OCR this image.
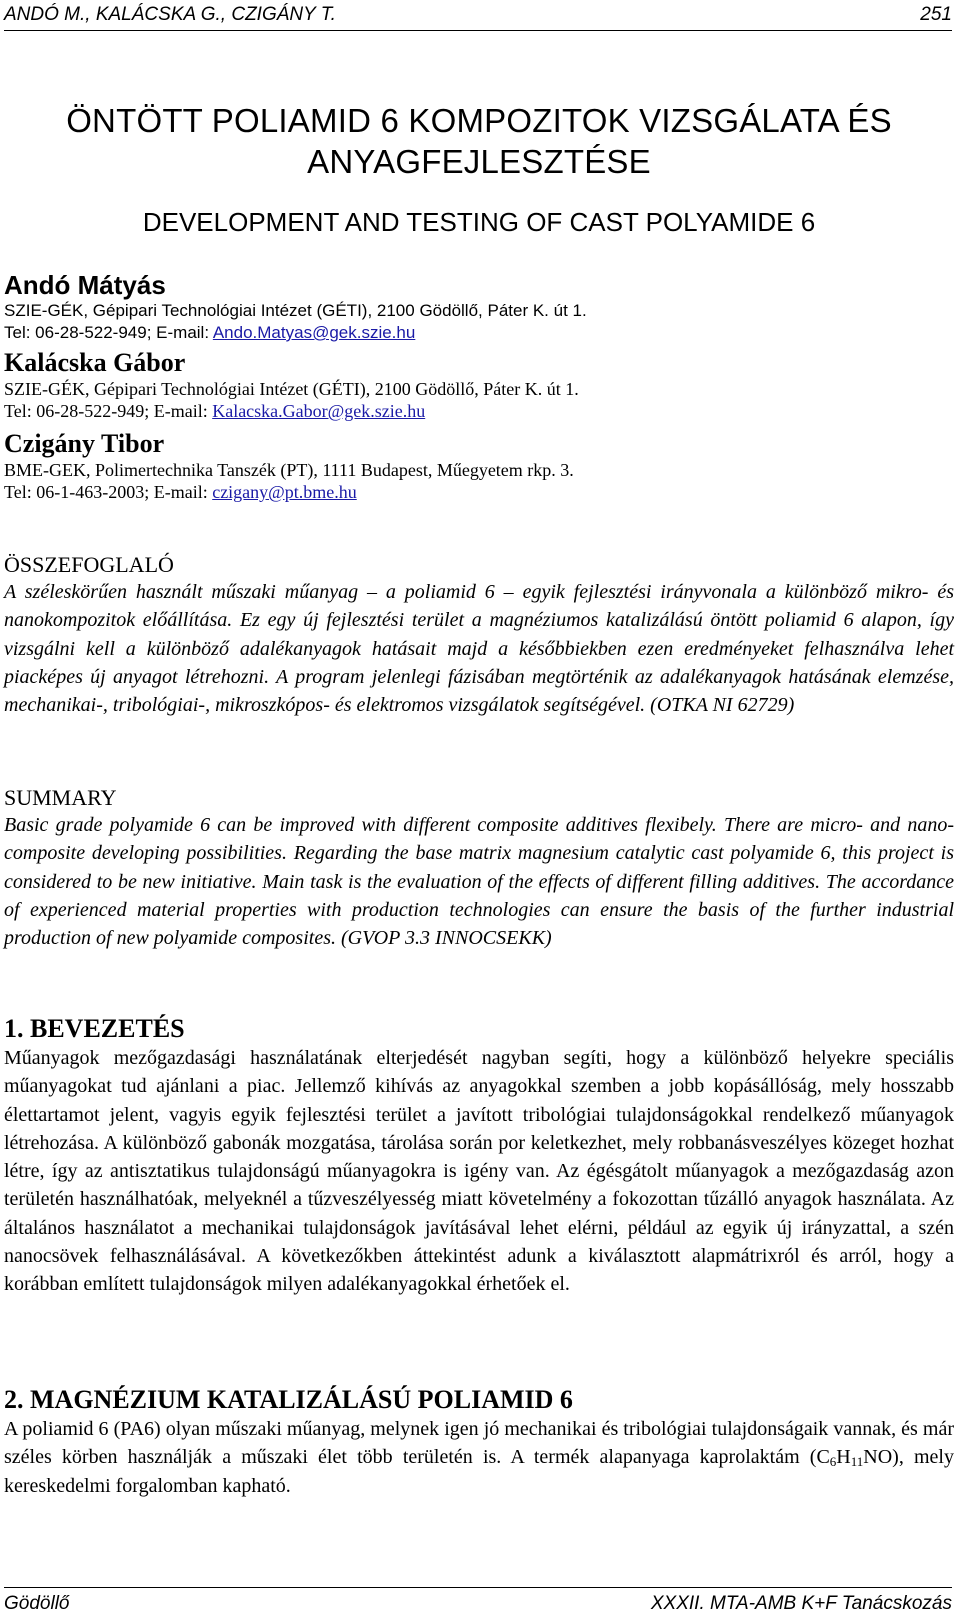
ANDÓ M., KALÁCSKA G., CZIGÁNY T.	251
ÖNTÖTT POLIAMID 6 KOMPOZITOK VIZSGÁLATA ÉS
ANYAGFEJLESZTÉSE
DEVELOPMENT AND TESTING OF CAST POLYAMIDE 6
Andó Mátyás
SZIE-GÉK, Gépipari Technológiai Intézet (GÉTI), 2100 Gödöllő, Páter K. út 1.
Tel: 06-28-522-949; E-mail: Ando.Matyas@gek.szie.hu
Kalácska Gábor
SZIE-GÉK, Gépipari Technológiai Intézet (GÉTI), 2100 Gödöllő, Páter K. út 1.
Tel: 06-28-522-949; E-mail: Kalacska.Gabor@gek.szie.hu
Czigány Tibor
BME-GEK, Polimertechnika Tanszék (PT), 1111 Budapest, Műegyetem rkp. 3.
Tel: 06-1-463-2003; E-mail: czigany@pt.bme.hu
ÖSSZEFOGLALÓ
A széleskörűen használt műszaki műanyag – a poliamid 6 – egyik fejlesztési irányvonala a különböző mikro- és nanokompozitok előállítása. Ez egy új fejlesztési terület a magnéziumos katalizálású öntött poliamid 6 alapon, így vizsgálni kell a különböző adalékanyagok hatásait majd a későbbiekben ezen eredményeket felhasználva lehet piacképes új anyagot létrehozni. A program jelenlegi fázisában megtörténik az adalékanyagok hatásának elemzése, mechanikai-, tribológiai-, mikroszkópos- és elektromos vizsgálatok segítségével. (OTKA NI 62729)
SUMMARY
Basic grade polyamide 6 can be improved with different composite additives flexibely. There are micro- and nano-composite developing possibilities. Regarding the base matrix magnesium catalytic cast polyamide 6, this project is considered to be new initiative. Main task is the evaluation of the effects of different filling additives. The accordance of experienced material properties with production technologies can ensure the basis of the further industrial production of new polyamide composites. (GVOP 3.3 INNOCSEKK)
1. BEVEZETÉS
Műanyagok mezőgazdasági használatának elterjedését nagyban segíti, hogy a különböző helyekre speciális műanyagokat tud ajánlani a piac. Jellemző kihívás az anyagokkal szemben a jobb kopásállóság, mely hosszabb élettartamot jelent, vagyis egyik fejlesztési terület a javított tribológiai tulajdonságokkal rendelkező műanyagok létrehozása. A különböző gabonák mozgatása, tárolása során por keletkezhet, mely robbanásveszélyes közeget hozhat létre, így az antisztatikus tulajdonságú műanyagokra is igény van. Az égésgátolt műanyagok a mezőgazdaság azon területén használhatóak, melyeknél a tűzveszélyesség miatt követelmény a fokozottan tűzálló anyagok használata. Az általános használatot a mechanikai tulajdonságok javításával lehet elérni, például az egyik új irányzattal, a szén nanocsövek felhasználásával. A következőkben áttekintést adunk a kiválasztott alapmátrixról és arról, hogy a korábban említett tulajdonságok milyen adalékanyagokkal érhetőek el.
2. MAGNÉZIUM KATALIZÁLÁSÚ POLIAMID 6
A poliamid 6 (PA6) olyan műszaki műanyag, melynek igen jó mechanikai és tribológiai tulajdonságaik vannak, és már széles körben használják a műszaki élet több területén is. A termék alapanyaga kaprolaktám $(C_6H_{11}NO)$, mely kereskedelmi forgalomban kapható.
Gödöllő	XXXII. MTA-AMB K+F Tanácskozás
